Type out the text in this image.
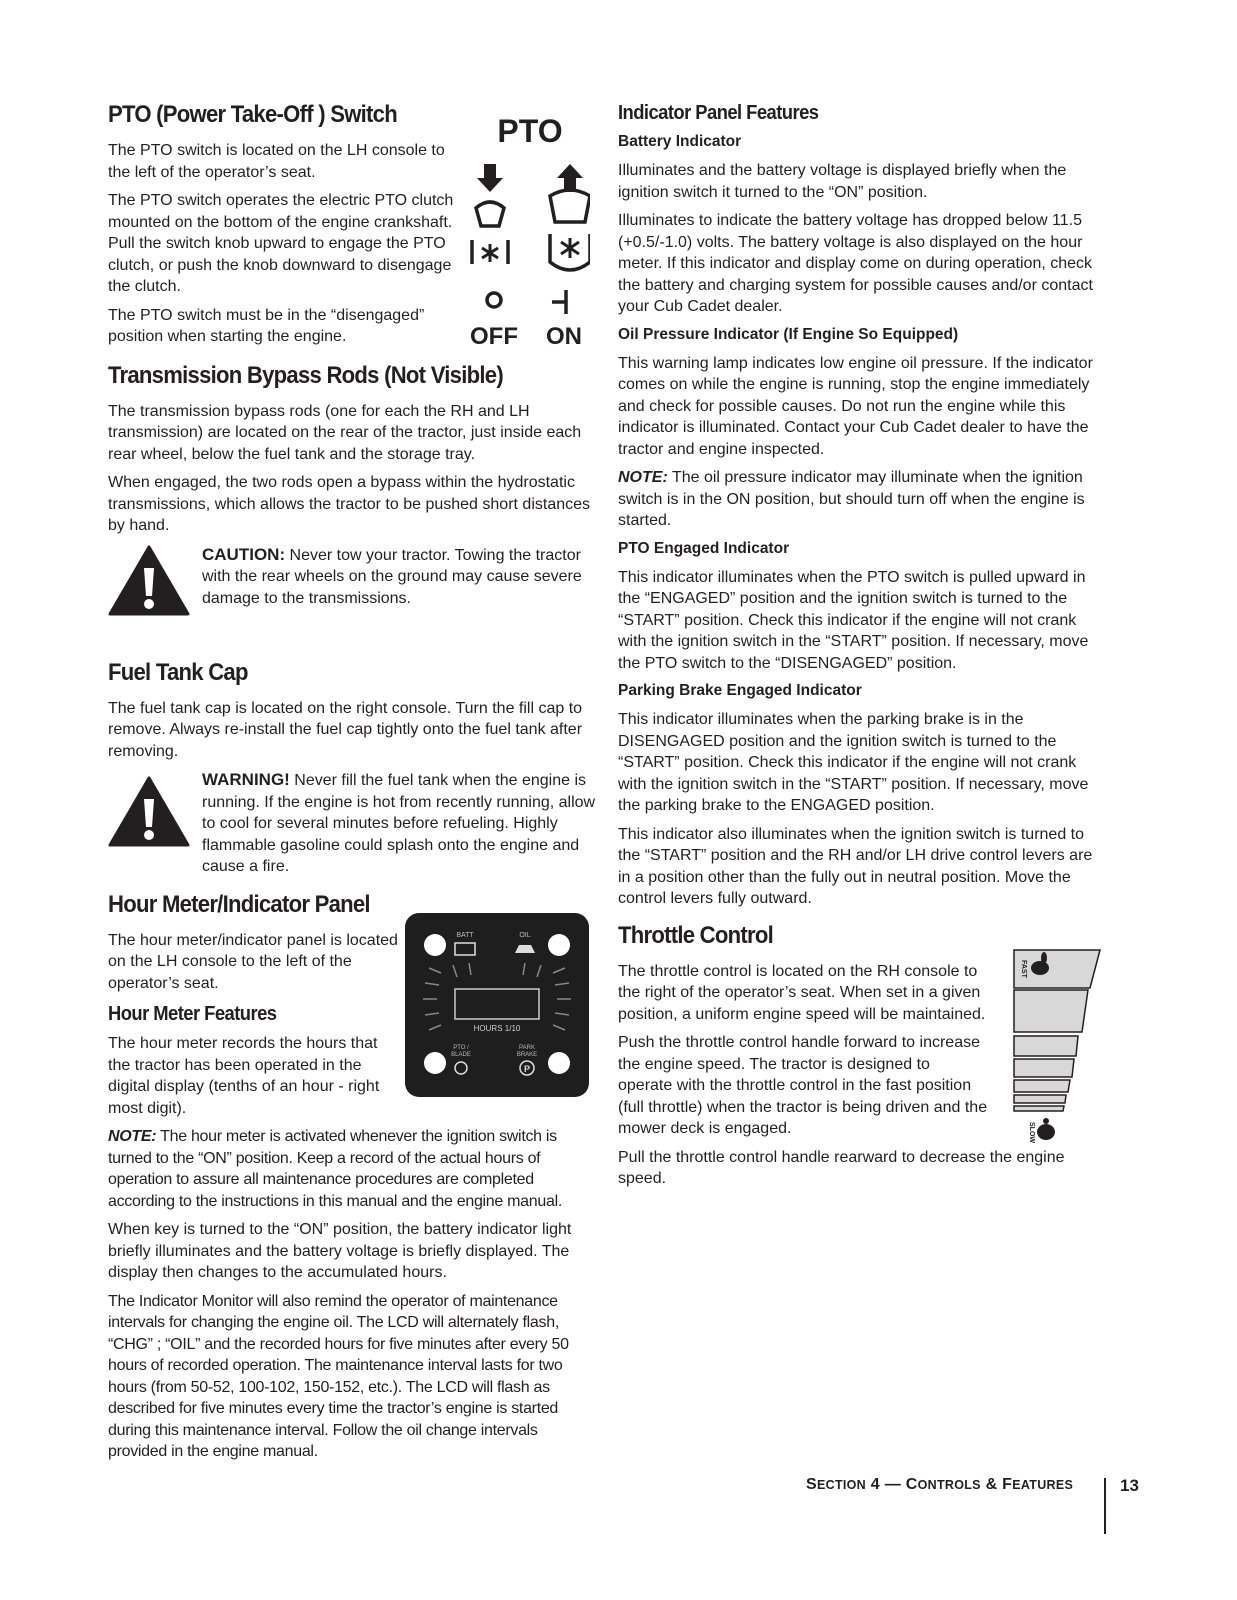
PTO (Power Take-Off ) Switch

The PTO switch is located on the LH console to the left of the operator’s seat.

The PTO switch operates the electric PTO clutch mounted on the bottom of the engine crankshaft. Pull the switch knob upward to engage the PTO clutch, or push the knob downward to disengage the clutch.

The PTO switch must be in the “disengaged” position when starting the engine.

Transmission Bypass Rods (Not Visible)

The transmission bypass rods (one for each the RH and LH transmission) are located on the rear of the tractor, just inside each rear wheel, below the fuel tank and the storage tray.

When engaged, the two rods open a bypass within the hydrostatic transmissions, which allows the tractor to be pushed short distances by hand.

CAUTION: Never tow your tractor. Towing the tractor with the rear wheels on the ground may cause severe damage to the transmissions.

Fuel Tank Cap

The fuel tank cap is located on the right console. Turn the fill cap to remove. Always re-install the fuel cap tightly onto the fuel tank after removing.

WARNING! Never fill the fuel tank when the engine is running. If the engine is hot from recently running, allow to cool for several minutes before refueling. Highly flammable gasoline could splash onto the engine and cause a fire.

Hour Meter/Indicator Panel

The hour meter/indicator panel is located on the LH console to the left of the operator’s seat.

Hour Meter Features

The hour meter records the hours that the tractor has been operated in the digital display (tenths of an hour - right most digit).

NOTE: The hour meter is activated whenever the ignition switch is turned to the “ON” position. Keep a record of the actual hours of operation to assure all maintenance procedures are completed according to the instructions in this manual and the engine manual.

When key is turned to the “ON” position, the battery indicator light briefly illuminates and the battery voltage is briefly displayed. The display then changes to the accumulated hours.

The Indicator Monitor will also remind the operator of maintenance intervals for changing the engine oil. The LCD will alternately flash, “CHG” ; “OIL” and the recorded hours for five minutes after every 50 hours of recorded operation. The maintenance interval lasts for two hours (from 50-52, 100-102, 150-152, etc.). The LCD will flash as described for five minutes every time the tractor’s engine is started during this maintenance interval. Follow the oil change intervals provided in the engine manual.

PTO
OFF ON
BATT	OIL
HOURS 1/10
PTO /
BLADE
PARK
BRAKE
P
Indicator Panel Features
Battery Indicator

Illuminates and the battery voltage is displayed briefly when the ignition switch it turned to the “ON” position.

Illuminates to indicate the battery voltage has dropped below 11.5 (+0.5/-1.0) volts. The battery voltage is also displayed on the hour meter. If this indicator and display come on during operation, check the battery and charging system for possible causes and/or contact your Cub Cadet dealer.

Oil Pressure Indicator (If Engine So Equipped)

This warning lamp indicates low engine oil pressure. If the indicator comes on while the engine is running, stop the engine immediately and check for possible causes. Do not run the engine while this indicator is illuminated. Contact your Cub Cadet dealer to have the tractor and engine inspected.

NOTE: The oil pressure indicator may illuminate when the ignition switch is in the ON position, but should turn off when the engine is started.

PTO Engaged Indicator

This indicator illuminates when the PTO switch is pulled upward in the “ENGAGED” position and the ignition switch is turned to the “START” position. Check this indicator if the engine will not crank with the ignition switch in the “START” position. If necessary, move the PTO switch to the “DISENGAGED” position.

Parking Brake Engaged Indicator

This indicator illuminates when the parking brake is in the DISENGAGED position and the ignition switch is turned to the “START” position. Check this indicator if the engine will not crank with the ignition switch in the “START” position. If necessary, move the parking brake to the ENGAGED position.

This indicator also illuminates when the ignition switch is turned to the “START” position and the RH and/or LH drive control levers are in a position other than the fully out in neutral position. Move the control levers fully outward.

Throttle Control

The throttle control is located on the RH console to the right of the operator’s seat. When set in a given position, a uniform engine speed will be maintained.

Push the throttle control handle forward to increase the engine speed. The tractor is designed to operate with the throttle control in the fast position (full throttle) when the tractor is being driven and the mower deck is engaged.

Pull the throttle control handle rearward to decrease the engine speed.

FAST
SLOW
SECTION 4 — CONTROLS & FEATURES	13
